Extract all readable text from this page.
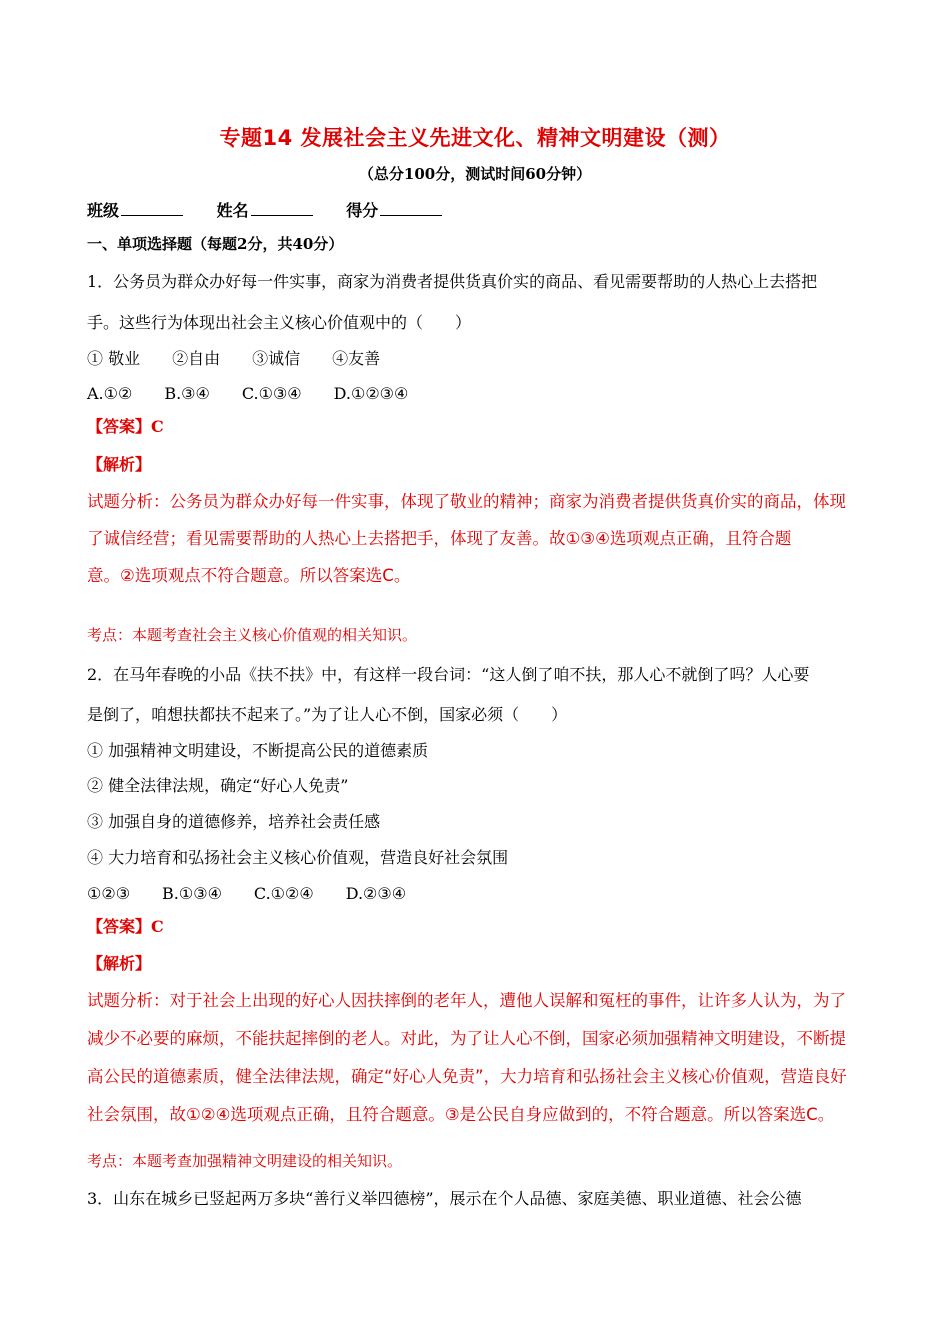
专题14 发展社会主义先进文化、精神文明建设（测）
（总分100分，测试时间60分钟）
班级	姓名	得分
一、单项选择题（每题2分，共40分）
1．公务员为群众办好每一件实事，商家为消费者提供货真价实的商品、看见需要帮助的人热心上去搭把
手。这些行为体现出社会主义核心价值观中的（　　）
① 敬业　　②自由　　③诚信　　④友善
A.①②　　B.③④　　C.①③④　　D.①②③④
【答案】C
【解析】
试题分析：公务员为群众办好每一件实事，体现了敬业的精神；商家为消费者提供货真价实的商品，体现
了诚信经营；看见需要帮助的人热心上去搭把手，体现了友善。故①③④选项观点正确，且符合题
意。②选项观点不符合题意。所以答案选C。
考点：本题考查社会主义核心价值观的相关知识。
2．在马年春晚的小品《扶不扶》中，有这样一段台词：“这人倒了咱不扶，那人心不就倒了吗？人心要
是倒了，咱想扶都扶不起来了。”为了让人心不倒，国家必须（　　）
① 加强精神文明建设，不断提高公民的道德素质
② 健全法律法规，确定“好心人免责”
③ 加强自身的道德修养，培养社会责任感
④ 大力培育和弘扬社会主义核心价值观，营造良好社会氛围
①②③　　B.①③④　　C.①②④　　D.②③④
【答案】C
【解析】
试题分析：对于社会上出现的好心人因扶摔倒的老年人，遭他人误解和冤枉的事件，让许多人认为，为了
减少不必要的麻烦，不能扶起摔倒的老人。对此，为了让人心不倒，国家必须加强精神文明建设，不断提
高公民的道德素质，健全法律法规，确定“好心人免责”，大力培育和弘扬社会主义核心价值观，营造良好
社会氛围，故①②④选项观点正确，且符合题意。③是公民自身应做到的，不符合题意。所以答案选C。
考点：本题考查加强精神文明建设的相关知识。
3．山东在城乡已竖起两万多块“善行义举四德榜”，展示在个人品德、家庭美德、职业道德、社会公德
